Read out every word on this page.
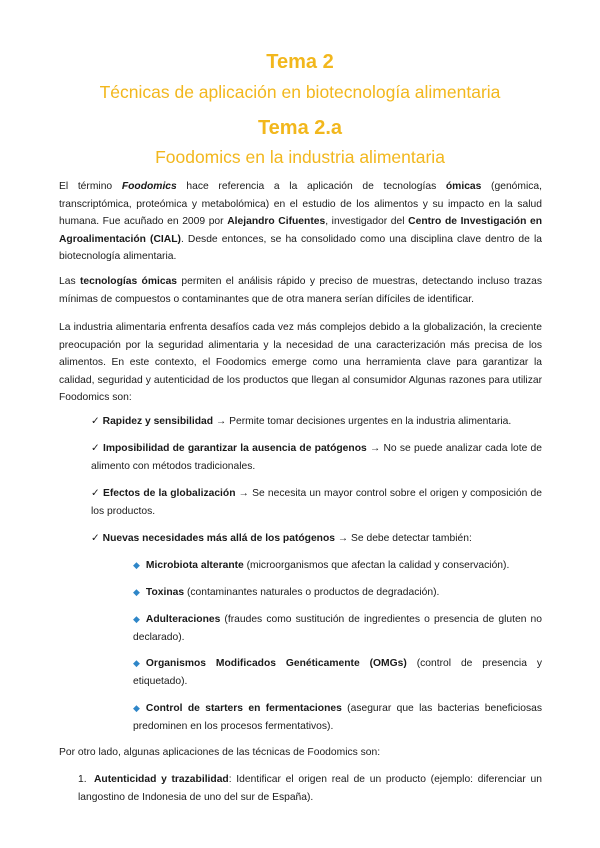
Tema 2
Técnicas de aplicación en biotecnología alimentaria
Tema 2.a
Foodomics en la industria alimentaria
El término Foodomics hace referencia a la aplicación de tecnologías ómicas (genómica, transcriptómica, proteómica y metabolómica) en el estudio de los alimentos y su impacto en la salud humana. Fue acuñado en 2009 por Alejandro Cifuentes, investigador del Centro de Investigación en Agroalimentación (CIAL). Desde entonces, se ha consolidado como una disciplina clave dentro de la biotecnología alimentaria.
Las tecnologías ómicas permiten el análisis rápido y preciso de muestras, detectando incluso trazas mínimas de compuestos o contaminantes que de otra manera serían difíciles de identificar.
La industria alimentaria enfrenta desafíos cada vez más complejos debido a la globalización, la creciente preocupación por la seguridad alimentaria y la necesidad de una caracterización más precisa de los alimentos. En este contexto, el Foodomics emerge como una herramienta clave para garantizar la calidad, seguridad y autenticidad de los productos que llegan al consumidor Algunas razones para utilizar Foodomics son:
✓ Rapidez y sensibilidad → Permite tomar decisiones urgentes en la industria alimentaria.
✓ Imposibilidad de garantizar la ausencia de patógenos → No se puede analizar cada lote de alimento con métodos tradicionales.
✓ Efectos de la globalización → Se necesita un mayor control sobre el origen y composición de los productos.
✓ Nuevas necesidades más allá de los patógenos → Se debe detectar también:
◆ Microbiota alterante (microorganismos que afectan la calidad y conservación).
◆ Toxinas (contaminantes naturales o productos de degradación).
◆ Adulteraciones (fraudes como sustitución de ingredientes o presencia de gluten no declarado).
◆ Organismos Modificados Genéticamente (OMGs) (control de presencia y etiquetado).
◆ Control de starters en fermentaciones (asegurar que las bacterias beneficiosas predominen en los procesos fermentativos).
Por otro lado, algunas aplicaciones de las técnicas de Foodomics son:
1. Autenticidad y trazabilidad: Identificar el origen real de un producto (ejemplo: diferenciar un langostino de Indonesia de uno del sur de España).
